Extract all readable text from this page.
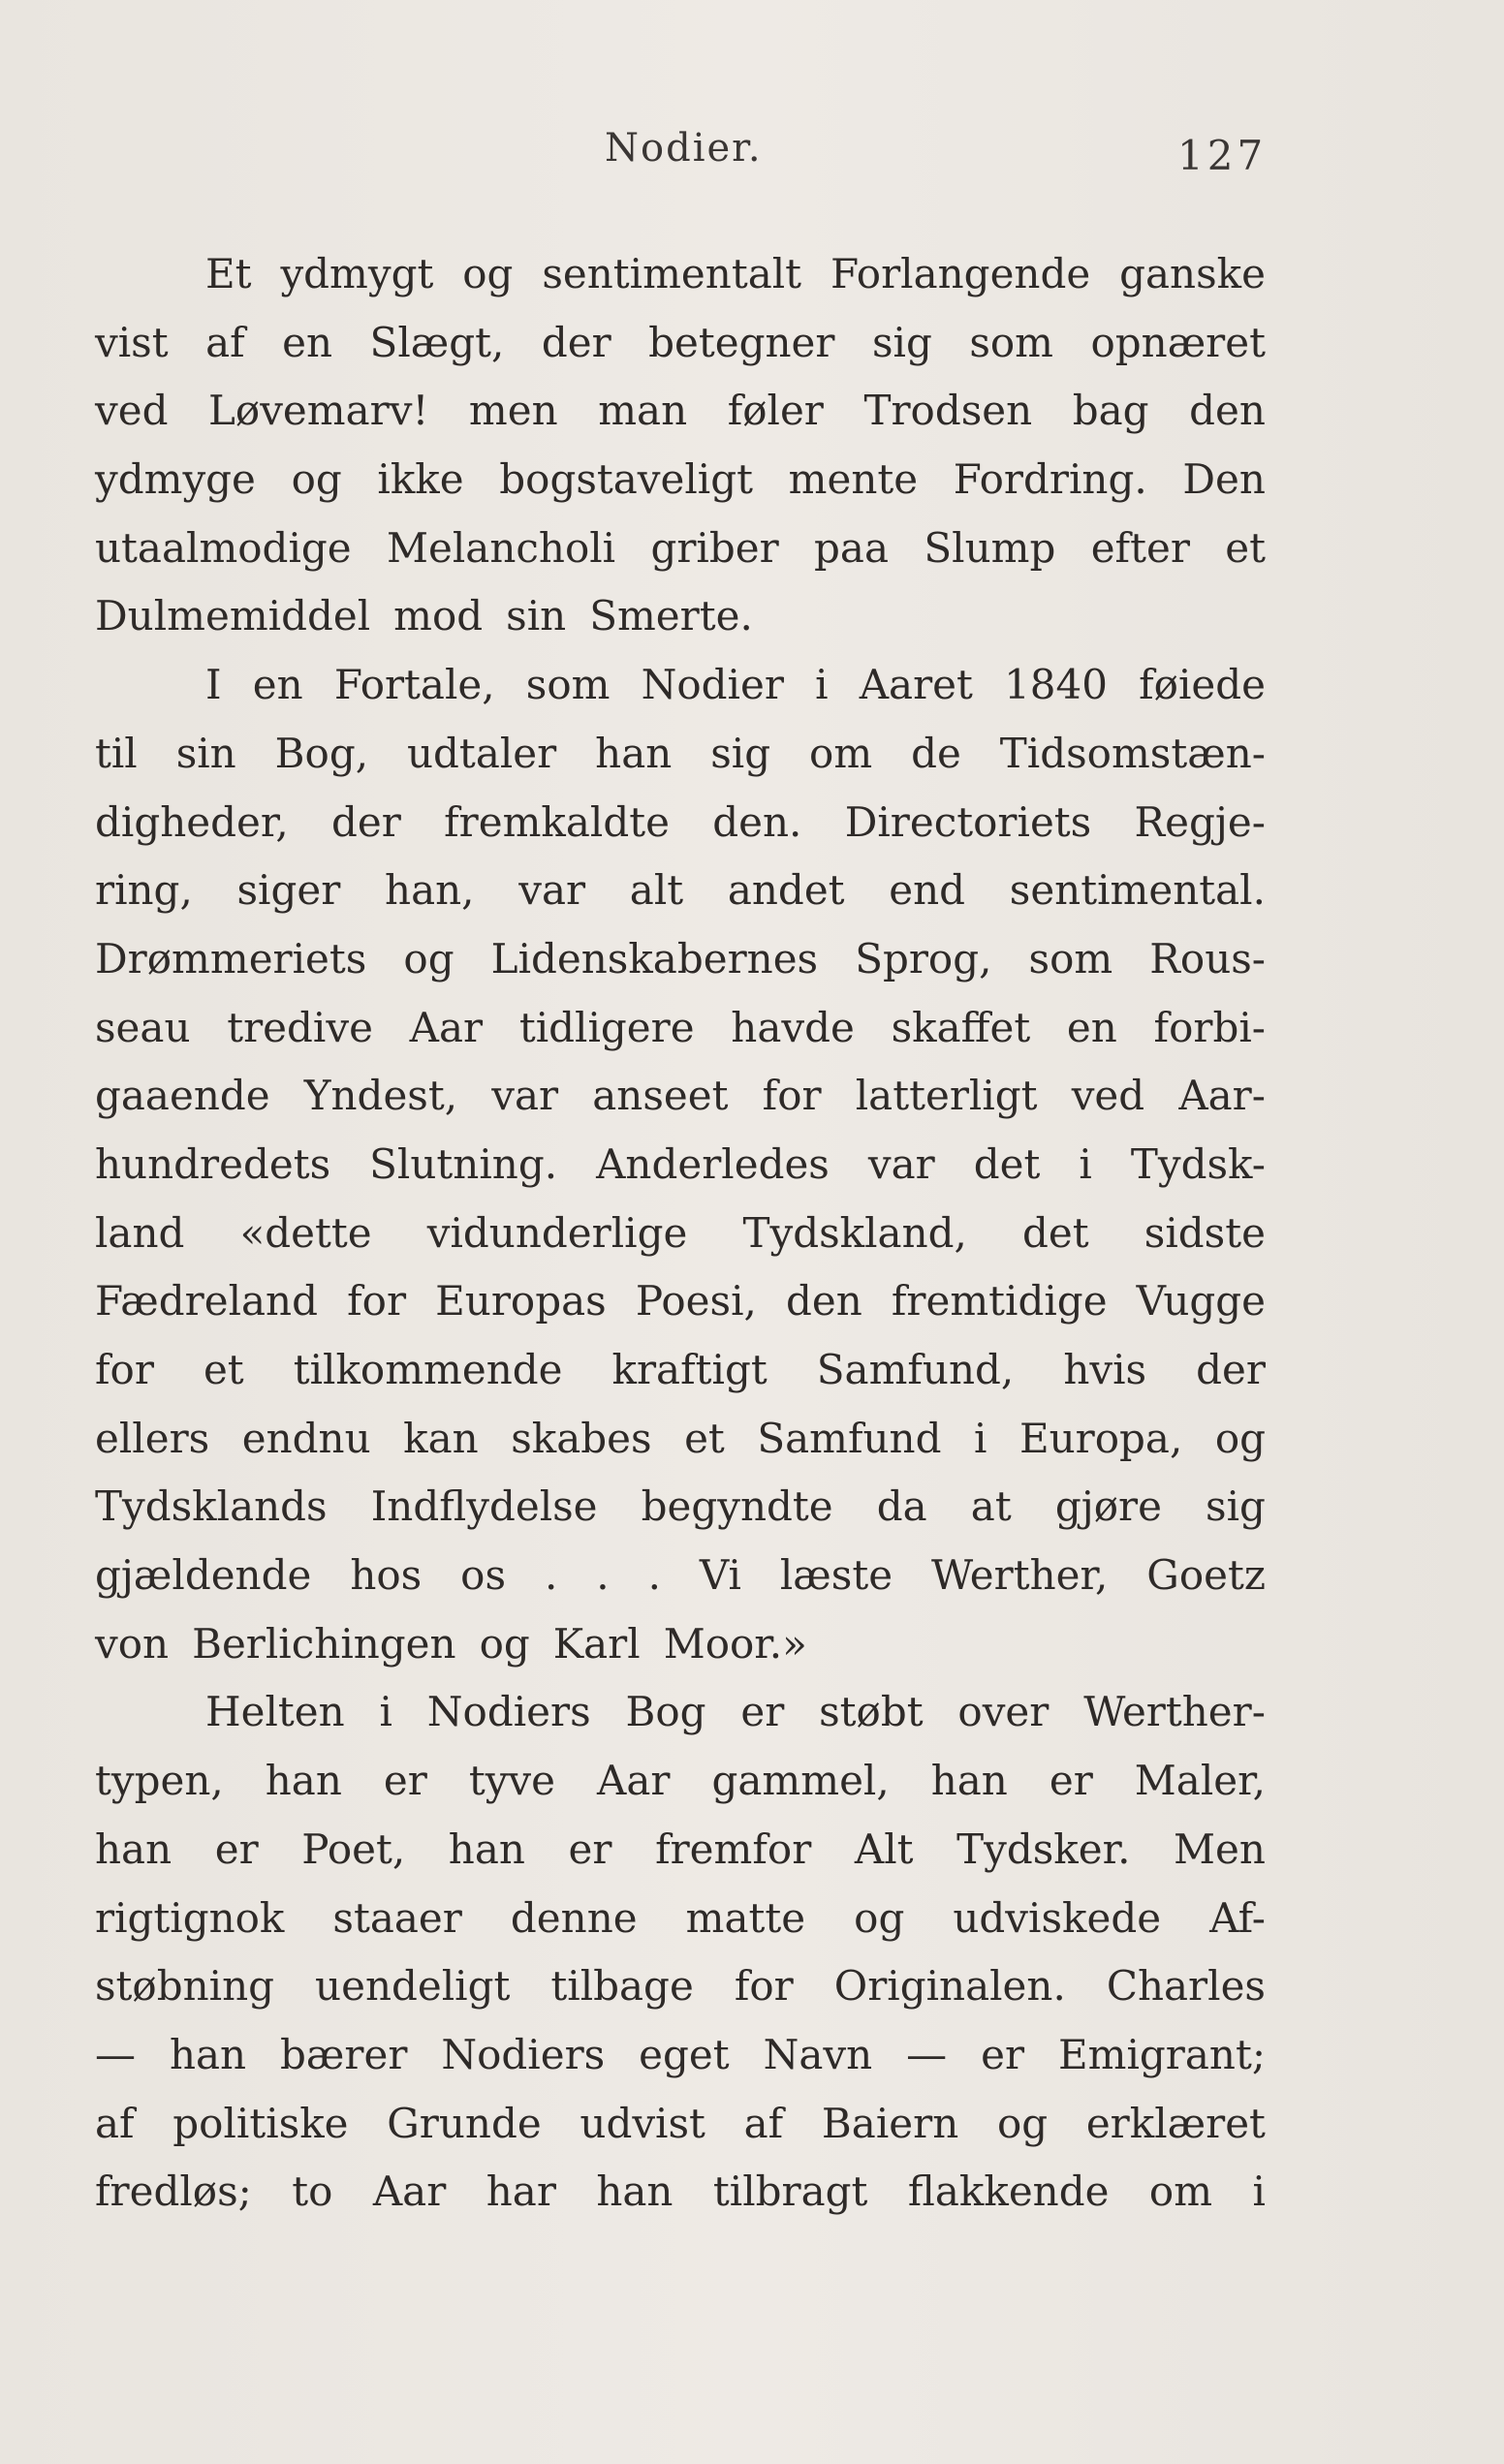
Nodier.	127
Et ydmygt og sentimentalt Forlangende ganske
vist af en Slægt, der betegner sig som opnæret
ved Løvemarv! men man føler Trodsen bag den
ydmyge og ikke bogstaveligt mente Fordring. Den
utaalmodige Melancholi griber paa Slump efter et
Dulmemiddel mod sin Smerte.
I en Fortale, som Nodier i Aaret 1840 føiede
til sin Bog, udtaler han sig om de Tidsomstæn-
digheder, der fremkaldte den. Directoriets Regje-
ring, siger han, var alt andet end sentimental.
Drømmeriets og Lidenskabernes Sprog, som Rous-
seau tredive Aar tidligere havde skaffet en forbi-
gaaende Yndest, var anseet for latterligt ved Aar-
hundredets Slutning. Anderledes var det i Tydsk-
land «dette vidunderlige Tydskland, det sidste
Fædreland for Europas Poesi, den fremtidige Vugge
for et tilkommende kraftigt Samfund, hvis der
ellers endnu kan skabes et Samfund i Europa, og
Tydsklands Indflydelse begyndte da at gjøre sig
gjældende hos os . . . Vi læste Werther, Goetz
von Berlichingen og Karl Moor.»
Helten i Nodiers Bog er støbt over Werther-
typen, han er tyve Aar gammel, han er Maler,
han er Poet, han er fremfor Alt Tydsker. Men
rigtignok staaer denne matte og udviskede Af-
støbning uendeligt tilbage for Originalen. Charles
— han bærer Nodiers eget Navn — er Emigrant;
af politiske Grunde udvist af Baiern og erklæret
fredløs; to Aar har han tilbragt flakkende om i
